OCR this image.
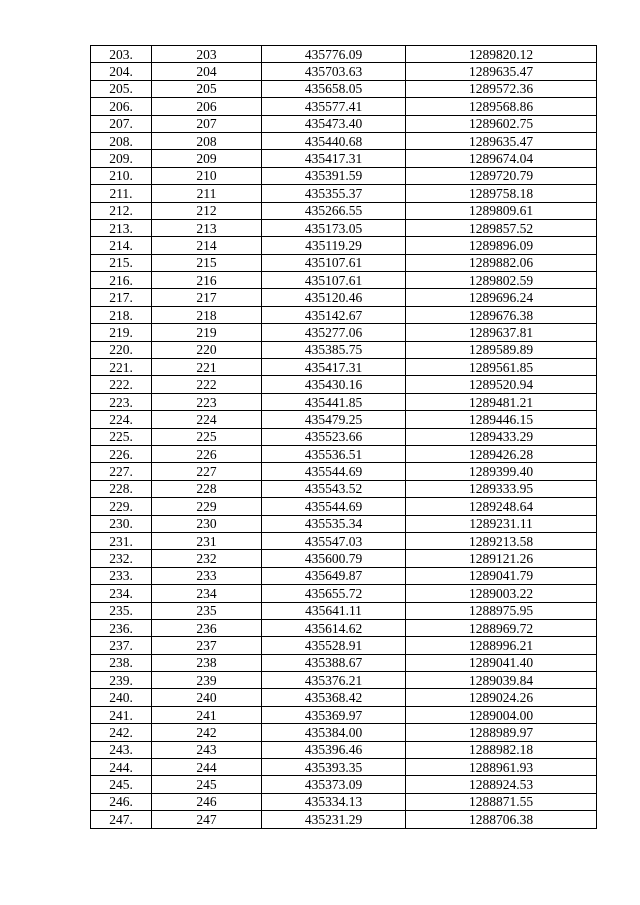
203.	203	435776.09	1289820.12
204.	204	435703.63	1289635.47
205.	205	435658.05	1289572.36
206.	206	435577.41	1289568.86
207.	207	435473.40	1289602.75
208.	208	435440.68	1289635.47
209.	209	435417.31	1289674.04
210.	210	435391.59	1289720.79
211.	211	435355.37	1289758.18
212.	212	435266.55	1289809.61
213.	213	435173.05	1289857.52
214.	214	435119.29	1289896.09
215.	215	435107.61	1289882.06
216.	216	435107.61	1289802.59
217.	217	435120.46	1289696.24
218.	218	435142.67	1289676.38
219.	219	435277.06	1289637.81
220.	220	435385.75	1289589.89
221.	221	435417.31	1289561.85
222.	222	435430.16	1289520.94
223.	223	435441.85	1289481.21
224.	224	435479.25	1289446.15
225.	225	435523.66	1289433.29
226.	226	435536.51	1289426.28
227.	227	435544.69	1289399.40
228.	228	435543.52	1289333.95
229.	229	435544.69	1289248.64
230.	230	435535.34	1289231.11
231.	231	435547.03	1289213.58
232.	232	435600.79	1289121.26
233.	233	435649.87	1289041.79
234.	234	435655.72	1289003.22
235.	235	435641.11	1288975.95
236.	236	435614.62	1288969.72
237.	237	435528.91	1288996.21
238.	238	435388.67	1289041.40
239.	239	435376.21	1289039.84
240.	240	435368.42	1289024.26
241.	241	435369.97	1289004.00
242.	242	435384.00	1288989.97
243.	243	435396.46	1288982.18
244.	244	435393.35	1288961.93
245.	245	435373.09	1288924.53
246.	246	435334.13	1288871.55
247.	247	435231.29	1288706.38
